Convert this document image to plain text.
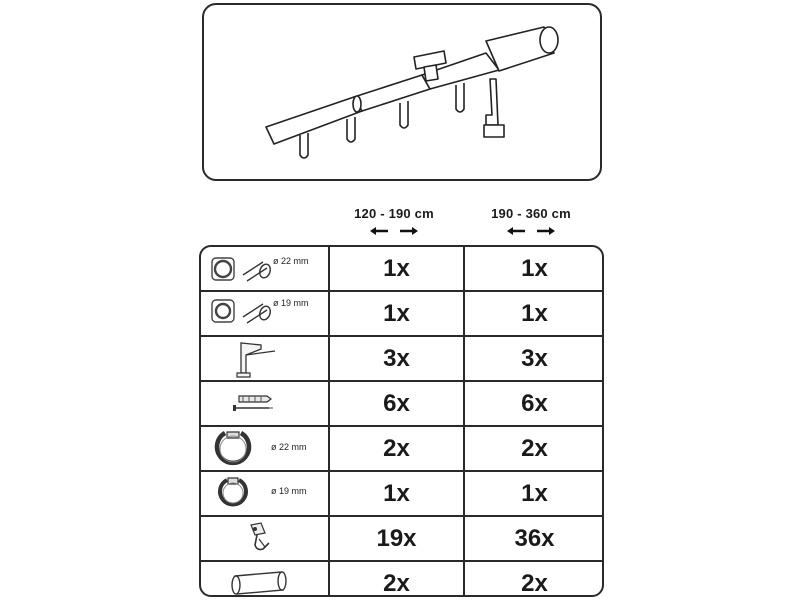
120 - 190 cm	190 - 360 cm
ø 22 mm	1x	1x
ø 19 mm	1x	1x
3x	3x
6x	6x
ø 22 mm	2x	2x
ø 19 mm	1x	1x
19x	36x
2x	2x
